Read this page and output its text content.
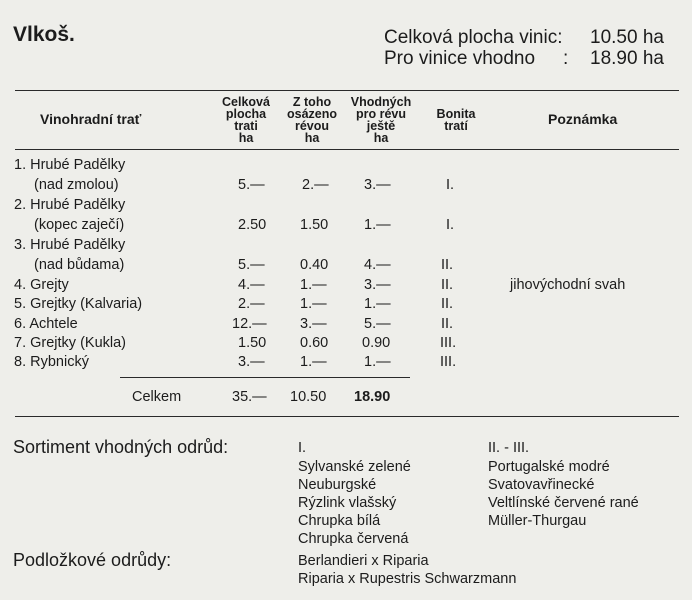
Vlkoš.	Celková plocha vinic: 10.50 ha
Pro vinice vhodno : 18.90 ha
Vinohradní trať
Celková
plocha
trati
ha
Z toho
osázeno
révou
ha
Vhodných
pro révu
ještě
ha
Bonita
tratí	Poznámka
1. Hrubé Padělky
(nad zmolou)	5.—	2.— 3.—	I.
2. Hrubé Padělky
(kopec zaječí)	2.50 1.50 1.—	I.
3. Hrubé Padělky
(nad bůdama)	5.— 0.40 4.—	II.
4. Grejty	4.— 1.—	3.—	II.	jihovýchodní svah
5. Grejtky (Kalvaria)	2.— 1.—	1.—	II.
6. Achtele	12.— 3.—	5.—	II.
7. Grejtky (Kukla)	1.50 0.60 0.90	III.
8. Rybnický	3.— 1.—	1.—	III.
Celkem	35.— 10.50 18.90
Sortiment vhodných odrůd:	I.
Sylvanské zelené
Neuburgské
Rýzlink vlašský
Chrupka bílá
Chrupka červená
II. - III.
Portugalské modré
Svatovavřinecké
Veltlínské červené rané
Müller-Thurgau
Podložkové odrůdy:	Berlandieri x Riparia
Riparia x Rupestris Schwarzmann
